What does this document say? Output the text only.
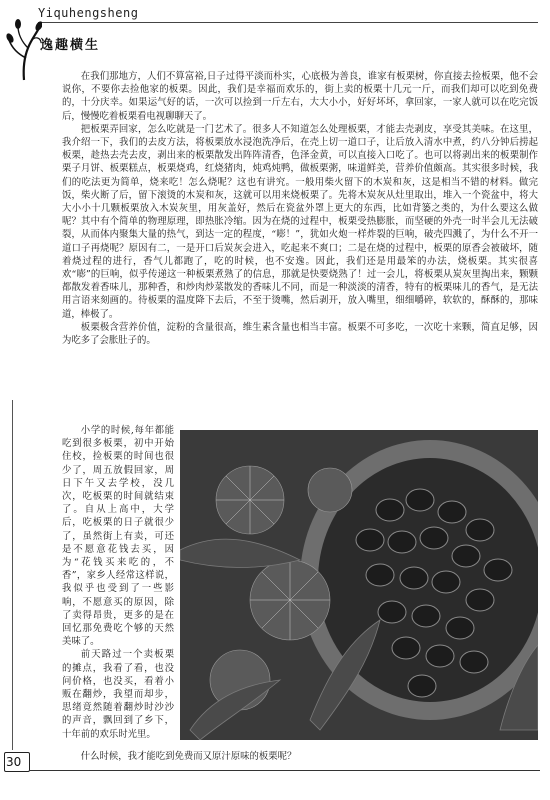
Yiquhengsheng
逸趣横生

在我们那地方，人们不算富裕,日子过得平淡而朴实，心底极为善良，谁家有板栗树，你直接去捡板栗，他不会说你，不要你去捡他家的板栗。因此，我们是幸福而欢乐的，街上卖的板栗十几元一斤，而我们却可以吃到免费的，十分庆幸。如果运气好的话，一次可以捡到一斤左右，大大小小，好好坏坏，拿回家，一家人就可以在吃完饭后，慢慢吃着板栗看电视聊聊天了。

把板栗弄回家，怎么吃就是一门艺术了。很多人不知道怎么处理板栗，才能去壳剥皮，享受其美味。在这里，我介绍一下，我们的去皮方法，将板栗放水浸泡洗净后，在壳上切一道口子，让后放入清水中煮，约八分钟后捞起板栗，趁热去壳去皮，剥出来的板栗散发出阵阵清香，色泽金黄，可以直接入口吃了。也可以将剥出来的板栗制作栗子月饼、板栗糕点，板栗烧鸡，红烧猪肉，炖鸡炖鸭，做板栗粥，味道鲜美，营养价值颇高。其实很多时候，我们的吃法更为简单，烧来吃！怎么烧呢？这也有讲究。一般用柴火留下的木炭和灰，这是相当不错的材料。做完饭，柴火断了后，留下滚烫的木炭和灰，这就可以用来烧板栗了。先将木炭灰从灶里取出，堆入一个瓷盆中，将大大小小十几颗板栗放入木炭灰里，用灰盖好，然后在瓷盆外罩上更大的东西，比如背篓之类的，为什么要这么做呢？其中有个简单的物理原理，即热胀冷缩。因为在烧的过程中，板栗受热膨胀，而坚硬的外壳一时半会儿无法破裂，从而体内聚集大量的热气，到达一定的程度，“嘭！”，犹如火炮一样炸裂的巨响，破壳四溅了，为什么不开一道口子再烧呢？原因有二，一是开口后炭灰会进入，吃起来不爽口；二是在烧的过程中，板栗的原香会被破坏，随着烧过程的进行，香气儿都跑了，吃的时候，也不安逸。因此，我们还是用最笨的办法，烧板栗。其实很喜欢“嘭”的巨响，似乎传递这一种板栗煮熟了的信息，那就是快要烧熟了！过一会儿，将板栗从炭灰里掏出来，颗颗都散发着香味儿，那种香，和炒肉炒菜散发的香味儿不同，而是一种淡淡的清香，特有的板栗味儿的香气，是无法用言语来刻画的。待板栗的温度降下去后，不至于烫嘴，然后剥开，放入嘴里，细细嚼碎，软软的，酥酥的，那味道，棒极了。

板栗极含营养价值，淀粉的含量很高，维生素含量也相当丰富。板栗不可多吃，一次吃十来颗，简直足够，因为吃多了会胀肚子的。

小学的时候,每年都能吃到很多板栗，初中开始住校，捡板栗的时间也很少了，周五放假回家，周日下午又去学校，没几次，吃板栗的时间就结束了。自从上高中，大学后，吃板栗的日子就很少了，虽然街上有卖，可还是不愿意花钱去买，因为“花钱买来吃的，不香”，家乡人经常这样说，我似乎也受到了一些影响，不愿意买的原因，除了卖得昂贵，更多的是在回忆那免费吃个够的天然美味了。

前天路过一个卖板栗的摊点，我看了看，也没问价格，也没买，看着小贩在翻炒，我望而却步，思绪竟然随着翻炒时沙沙的声音，飘回到了乡下，十年前的欢乐时光里。

什么时候，我才能吃到免费而又原汁原味的板栗呢？

30
